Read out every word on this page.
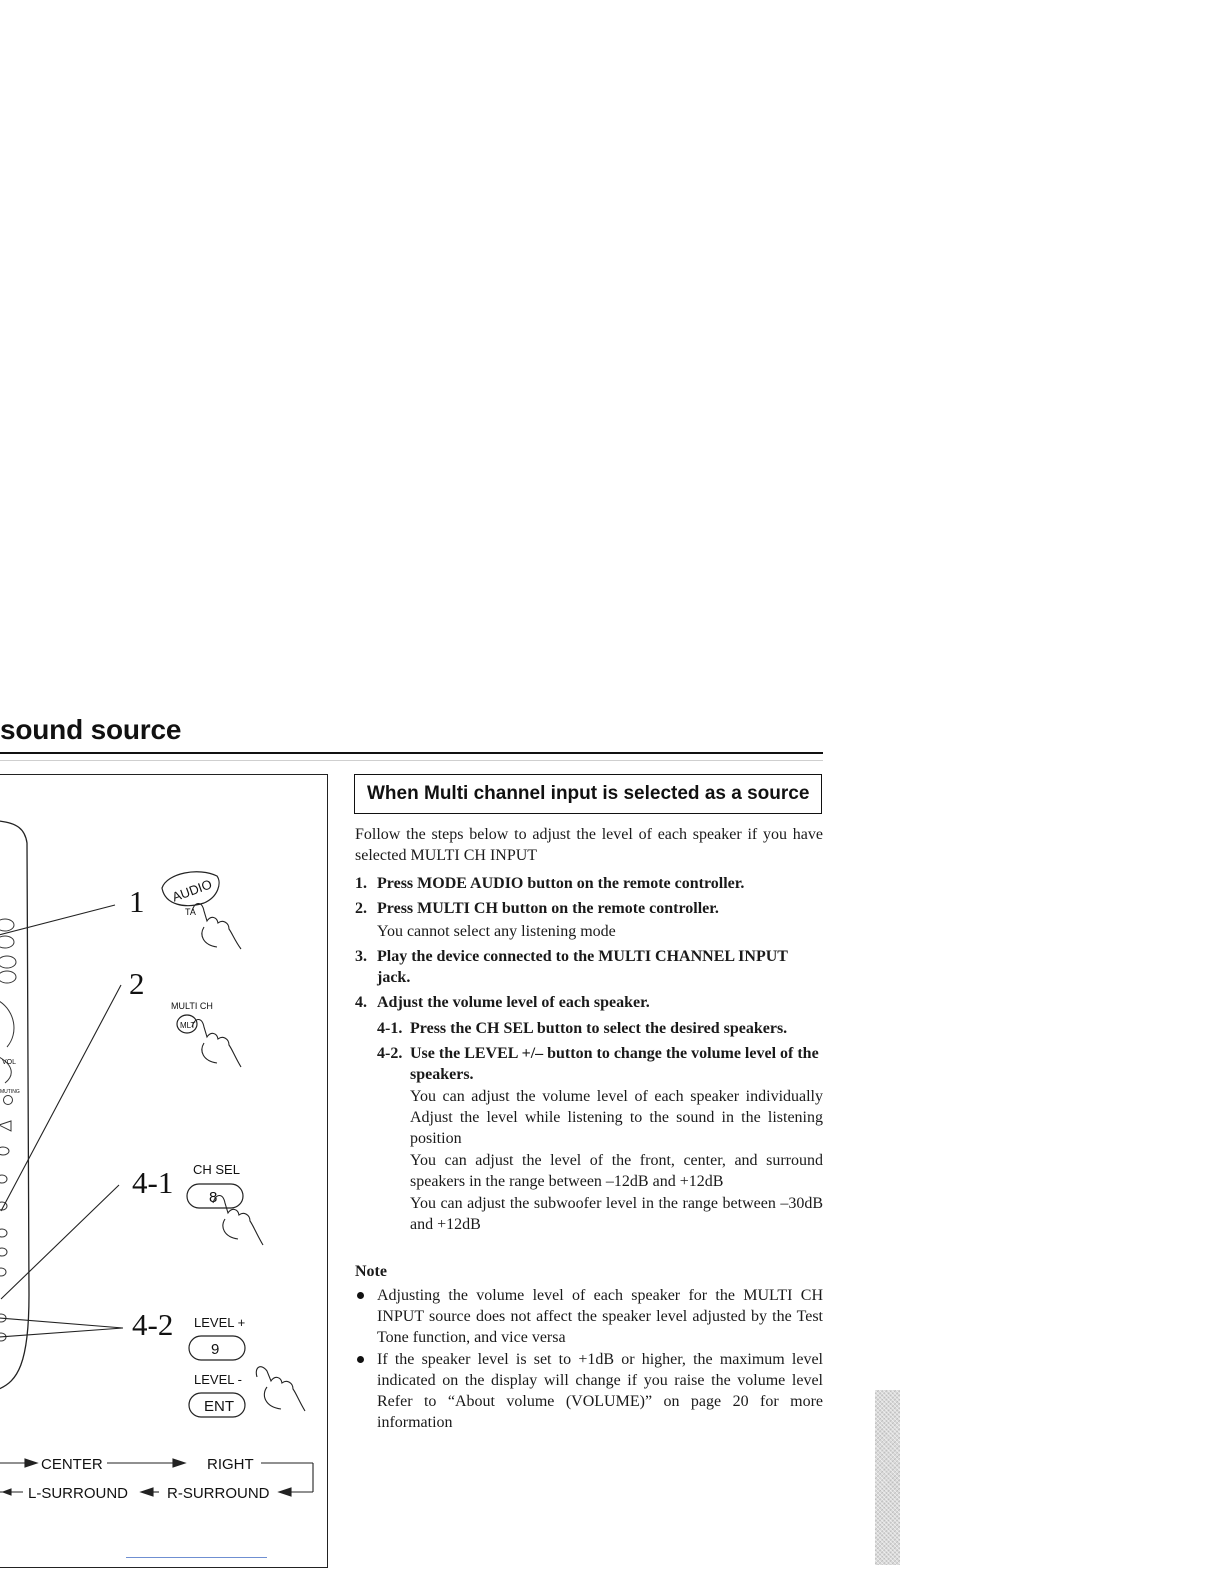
sound source
VOL
MUTING
1
2
4-1
4-2
AUDIO
TA
MULTI CH
MLT
CH SEL
8
LEVEL +
9
LEVEL -
ENT
CENTER	RIGHT
L-SURROUND	R-SURROUND
When Multi channel input is selected as a source

Follow the steps below to adjust the level of each speaker if you have selected MULTI CH INPUT

1. Press MODE AUDIO button on the remote controller.
2. Press MULTI CH button on the remote controller.

You cannot select any listening mode

3. Play the device connected to the MULTI CHANNEL INPUT jack.
4. Adjust the volume level of each speaker.
4-1. Press the CH SEL button to select the desired speakers.
4-2. Use the LEVEL +/– button to change the volume level of the speakers.

You can adjust the volume level of each speaker individually Adjust the level while listening to the sound in the listening position

You can adjust the level of the front, center, and surround speakers in the range between –12dB and +12dB

You can adjust the subwoofer level in the range between –30dB and +12dB

Note
Adjusting the volume level of each speaker for the MULTI CH INPUT source does not affect the speaker level adjusted by the Test Tone function, and vice versa
If the speaker level is set to +1dB or higher, the maximum level indicated on the display will change if you raise the volume level Refer to “About volume (VOLUME)” on page 20 for more information
